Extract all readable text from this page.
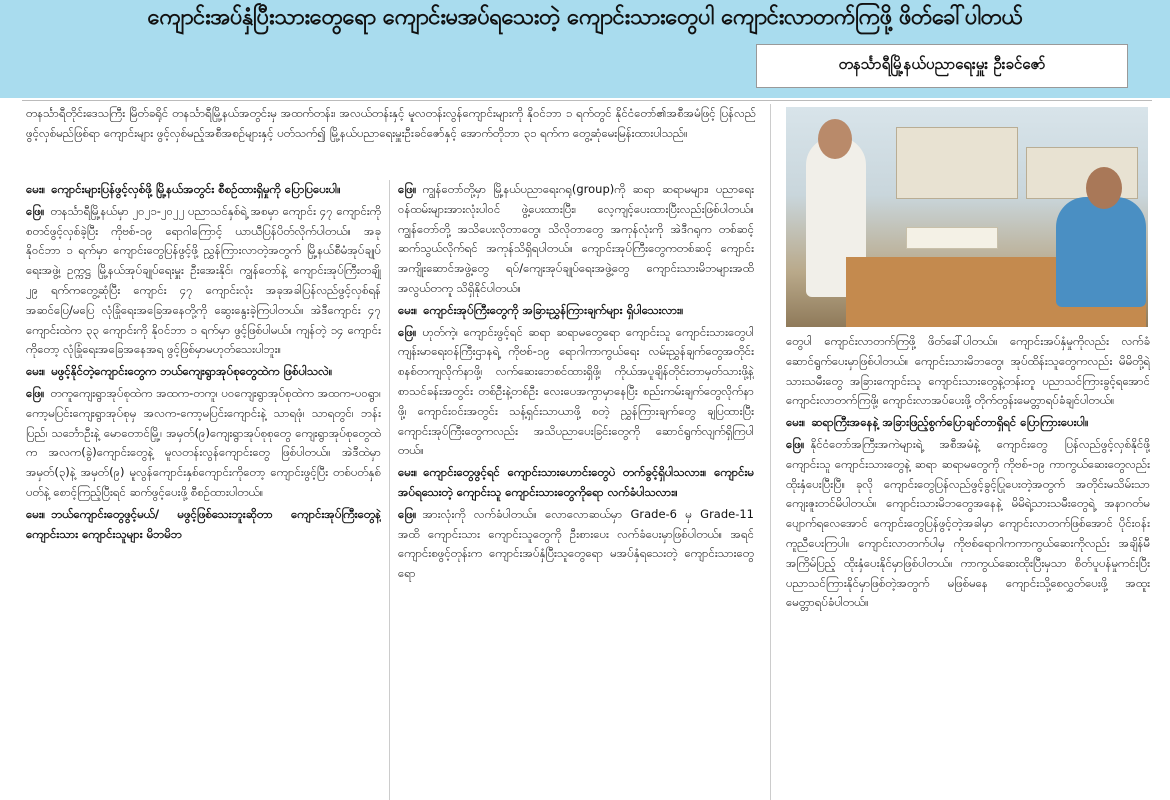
ကျောင်းအပ်နှံပြီးသားတွေရော ကျောင်းမအပ်ရသေးတဲ့ ကျောင်းသားတွေပါ ကျောင်းလာတက်ကြဖို့ ဖိတ်ခေါ်ပါတယ်
တနင်္သာရီမြို့နယ်ပညာရေးမှူး ဦးခင်ဇော်
တနင်္သာရီတိုင်းဒေသကြီး မြိတ်ခရိုင် တနင်္သာရီမြို့နယ်အတွင်းမှ အထက်တန်း၊ အလယ်တန်းနှင့် မူလတန်းလွန်ကျောင်းများကို နိုဝင်ဘာ ၁ ရက်တွင် နိုင်ငံတော်၏အစီအမံဖြင့် ပြန်လည်ဖွင့်လှစ်မည်ဖြစ်ရာ ကျောင်းများ ဖွင့်လှစ်မည့်အစီအစဉ်များနှင့် ပတ်သက်၍ မြို့နယ်ပညာရေးမှူးဦးခင်ဇော်နှင့် အောက်တိုဘာ ၃၁ ရက်က တွေ့ဆုံမေးမြန်းထားပါသည်။

မေး။ ကျောင်းများပြန်ဖွင့်လှစ်ဖို့ မြို့နယ်အတွင်း စီစဉ်ထားရှိမှုကို ပြောပြပေးပါ။

ဖြေ။ တနင်္သာရီမြို့နယ်မှာ ၂၀၂၁-၂၀၂၂ ပညာသင်နှစ်ရဲ့ အစမှာ ကျောင်း ၄၇ ကျောင်းကို စတင်ဖွင့်လှစ်ခဲ့ပြီး ကိုဗစ်-၁၉ ရောဂါကြောင့် ယာယီပြန်ပိတ်လိုက်ပါတယ်။ အခု နိုဝင်ဘာ ၁ ရက်မှာ ကျောင်းတွေပြန်ဖွင့်ဖို့ ညွှန်ကြားလာတဲ့အတွက် မြို့နယ်စီမံအုပ်ချုပ်ရေးအဖွဲ့၊ ဥက္ကဋ္ဌ မြို့နယ်အုပ်ချုပ်ရေးမှူး ဦးအေးနိုင်၊ ကျွန်တော်နဲ့ ကျောင်းအုပ်ကြီးတချို့ ၂၉ ရက်ကတွေ့ဆုံပြီး ကျောင်း ၄၇ ကျောင်းလုံး အခုအခါပြန်လည်ဖွင့်လှစ်ရန် အဆင်ပြေ/မပြေ လုံခြုံရေးအခြေအနေတို့ကို ဆွေးနွေးခဲ့ကြပါတယ်။ အဲဒီကျောင်း ၄၇ ကျောင်းထဲက ၃၃ ကျောင်းကို နိုဝင်ဘာ ၁ ရက်မှာ ဖွင့်ဖြစ်ပါမယ်။ ကျန်တဲ့ ၁၄ ကျောင်းကိုတော့ လုံခြုံရေးအခြေအနေအရ ဖွင့်ဖြစ်မှာမဟုတ်သေးပါဘူး။

မေး။ မဖွင့်နိုင်တဲ့ကျောင်းတွေက ဘယ်ကျေးရွာအုပ်စုတွေထဲက ဖြစ်ပါသလဲ။

ဖြေ။ တကူကျေးရွာအုပ်စုထဲက အထက-တကူ၊ ပဝကျေးရွာအုပ်စုထဲက အထက-ပဝရွာ၊ ကော့မပြင်းကျေးရွာအုပ်စုမှ အလက-ကော့မပြင်းကျောင်းနဲ့ သာရဖုံ၊ သာရတွင်၊ ဘန်းပြည်၊ သင်္ဘောဦးနဲ့ မောတောင်မြို့၊ အမှတ်(၉)ကျေးရွာအုပ်စုစုတွေ ကျေးရွာအုပ်စုတွေထဲက အလက(ခွဲ)ကျောင်းတွေနဲ့ မူလတန်းလွန်ကျောင်းတွေ ဖြစ်ပါတယ်။ အဲဒီထဲမှာ အမှတ်(၃)နဲ့ အမှတ်(၉) မူလွန်ကျောင်းနှစ်ကျောင်းကိုတော့ ကျောင်းဖွင့်ပြီး တစ်ပတ်နှစ်ပတ်နဲ့ စောင့်ကြည့်ပြီးရင် ဆက်ဖွင့်ပေးဖို့ စီစဉ်ထားပါတယ်။

မေး။ ဘယ်ကျောင်းတွေဖွင့်မယ်/ မဖွင့်ဖြစ်သေးဘူးဆိုတာ ကျောင်းအုပ်ကြီးတွေနဲ့ ကျောင်းသား ကျောင်းသူများ မိဘမိဘ

ဖြေ။ ကျွန်တော်တို့မှာ မြို့နယ်ပညာရေးဂရု(group)ကို ဆရာ ဆရာမများ၊ ပညာရေးဝန်ထမ်းများအားလုံးပါဝင် ဖွဲ့ပေးထားပြီး၊ လေ့ကျင့်ပေးထားပြီးလည်းဖြစ်ပါတယ်။ ကျွန်တော်တို့ အသိပေးလိုတာတွေ၊ သိလိုတာတွေ အကုန်လုံးကို အဲဒီဂရုက တစ်ဆင့် ဆက်သွယ်လိုက်ရင် အကုန်သိရှိရပါတယ်။ ကျောင်းအုပ်ကြီးတွေကတစ်ဆင့် ကျောင်းအကျိုးဆောင်အဖွဲ့တွေ ရပ်/ကျေးအုပ်ချုပ်ရေးအဖွဲ့တွေ ကျောင်းသားမိဘများအထိ အလွယ်တကူ သိရှိနိုင်ပါတယ်။

မေး။ ကျောင်းအုပ်ကြီးတွေကို အခြားညွှန်ကြားချက်များ ရှိပါသေးလား။

ဖြေ။ ဟုတ်ကဲ့၊ ကျောင်းဖွင့်ရင် ဆရာ ဆရာမတွေရော ကျောင်းသူ ကျောင်းသားတွေပါ ကျန်းမာရေးဝန်ကြီးဌာနရဲ့ ကိုဗစ်-၁၉ ရောဂါကာကွယ်ရေး လမ်းညွှန်ချက်တွေအတိုင်း စနစ်တကျလိုက်နာဖို့၊ လက်ဆေးဘေစင်ထားရှိဖို့၊ ကိုယ်အပူချိန်တိုင်းတာမှတ်သားဖို့နဲ့ စာသင်ခန်းအတွင်း တစ်ဦးနဲ့တစ်ဦး လေးပေအကွာမှာနေပြီး စည်းကမ်းချက်တွေလိုက်နာဖို့၊ ကျောင်းဝင်းအတွင်း သန့်ရှင်းသာယာဖို့ စတဲ့ ညွှန်ကြားချက်တွေ ချပြထားပြီး ကျောင်းအုပ်ကြီးတွေကလည်း အသိပညာပေးခြင်းတွေကို ဆောင်ရွက်လျက်ရှိကြပါတယ်။

မေး။ ကျောင်းတွေဖွင့်ရင် ကျောင်းသားဟောင်းတွေပဲ တက်ခွင့်ရှိပါသလား။ ကျောင်းမအပ်ရသေးတဲ့ ကျောင်းသူ ကျောင်းသားတွေကိုရော လက်ခံပါသလား။

ဖြေ။ အားလုံးကို လက်ခံပါတယ်။ လောလောဆယ်မှာ Grade-6 မှ Grade-11 အထိ ကျောင်းသား ကျောင်းသူတွေကို ဦးစားပေး လက်ခံပေးမှာဖြစ်ပါတယ်။ အရင် ကျောင်းစဖွင့်တုန်းက ကျောင်းအပ်နှံပြီးသူတွေရော မအပ်နှံရသေးတဲ့ ကျောင်းသားတွေရော

တွေပါ ကျောင်းလာတက်ကြဖို့ ဖိတ်ခေါ်ပါတယ်။ ကျောင်းအပ်နှံမှုကိုလည်း လက်ခံဆောင်ရွက်ပေးမှာဖြစ်ပါတယ်။ ကျောင်းသားမိဘတွေ၊ အုပ်ထိန်းသူတွေကလည်း မိမိတို့ရဲ့ သားသမီးတွေ အခြားကျောင်းသူ ကျောင်းသားတွေနဲ့တန်းတူ ပညာသင်ကြားခွင့်ရအောင် ကျောင်းလာတက်ကြဖို့၊ ကျောင်းလာအပ်ပေးဖို့ တိုက်တွန်းမေတ္တာရပ်ခံချင်ပါတယ်။

မေး။ ဆရာကြီးအနေနဲ့ အခြားဖြည့်စွက်ပြောချင်တာရှိရင် ပြောကြားပေးပါ။

ဖြေ။ နိုင်ငံတော်အကြီးအကဲများရဲ့ အစီအမံနဲ့ ကျောင်းတွေ ပြန်လည်ဖွင့်လှစ်နိုင်ဖို့ ကျောင်းသူ ကျောင်းသားတွေနဲ့ ဆရာ ဆရာမတွေကို ကိုဗစ်-၁၉ ကာကွယ်ဆေးတွေလည်း ထိုးနှံပေးပြီးပြီ။ ခုလို ကျောင်းတွေပြန်လည်ဖွင့်ခွင့်ပြုပေးတဲ့အတွက် အတိုင်းမသိမ်းသာ ကျေးဇူးတင်မိပါတယ်။ ကျောင်းသားမိဘတွေအနေနဲ့ မိမိရဲ့သားသမီးတွေရဲ့ အနာဂတ်မပျောက်ရလေအောင် ကျောင်းတွေပြန်ဖွင့်တဲ့အခါမှာ ကျောင်းလာတက်ဖြစ်အောင် ပိုင်းဝန်းကူညီပေးကြပါ။ ကျောင်းလာတက်ပါမှ ကိုဗစ်ရောဂါကကာကွယ်ဆေးကိုလည်း အချိန်မီ အကြိမ်ပြည့် ထိုးနှံပေးနိုင်မှာဖြစ်ပါတယ်။ ကာကွယ်ဆေးထိုးပြီးမှသာ စိတ်ပူပန်မှုကင်းပြီး ပညာသင်ကြားနိုင်မှာဖြစ်တဲ့အတွက် မဖြစ်မနေ ကျောင်းသို့စေလွှတ်ပေးဖို့ အထူးမေတ္တာရပ်ခံပါတယ်။
